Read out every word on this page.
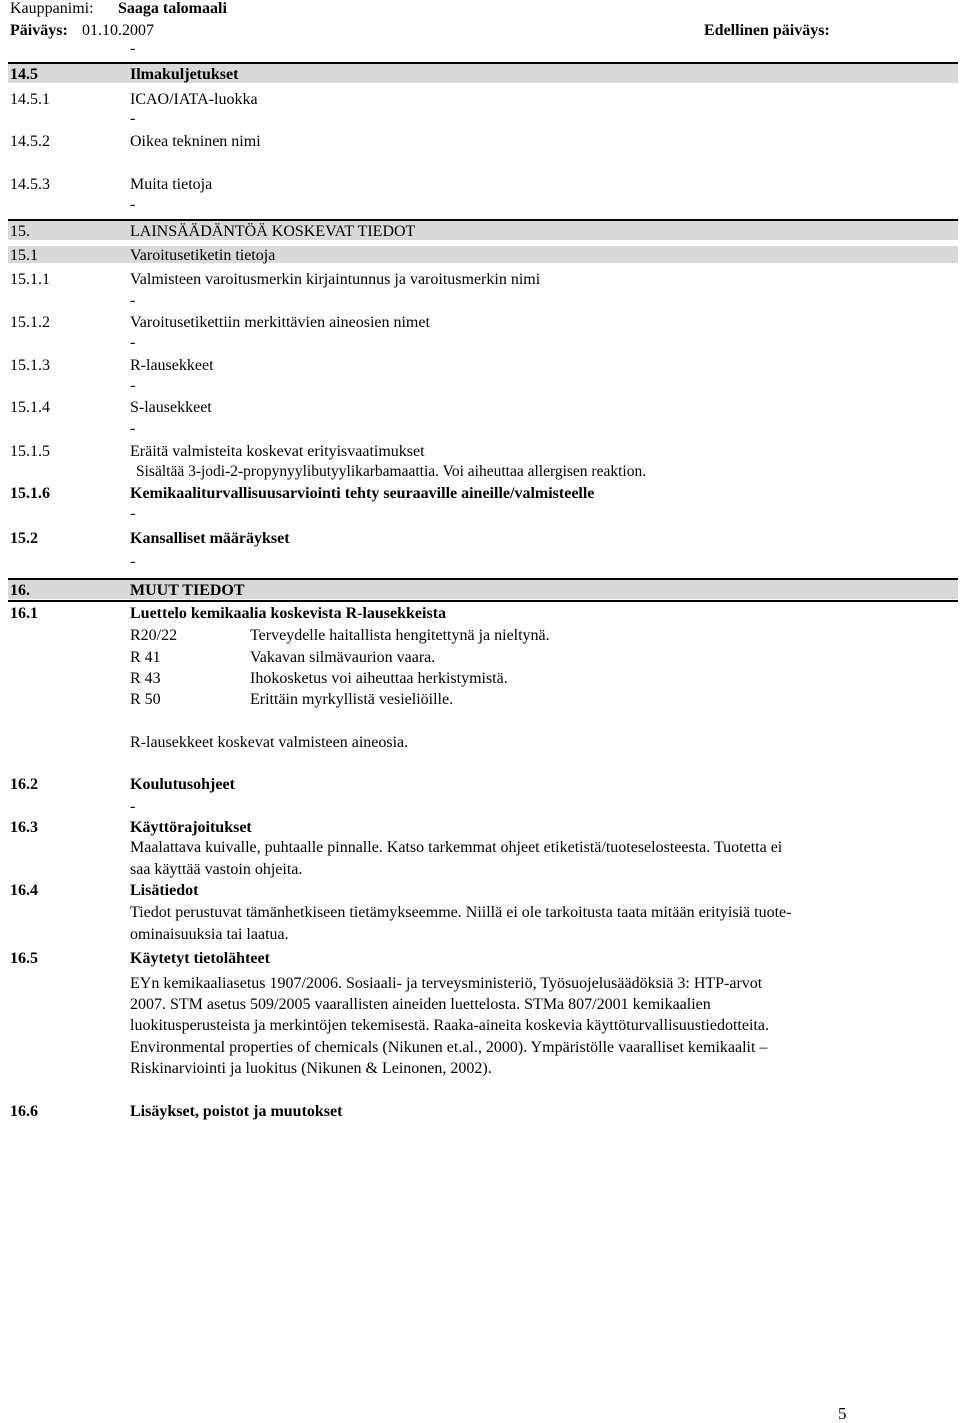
Kauppanimi: Saaga talomaali
Päiväys: 01.10.2007	Edellinen päiväys:
-
14.5	Ilmakuljetukset
14.5.1	ICAO/IATA-luokka
-
14.5.2	Oikea tekninen nimi
14.5.3	Muita tietoja
-
15.	LAINSÄÄDÄNTÖÄ KOSKEVAT TIEDOT
15.1	Varoitusetiketin tietoja
15.1.1	Valmisteen varoitusmerkin kirjaintunnus ja varoitusmerkin nimi
-
15.1.2	Varoitusetikettiin merkittävien aineosien nimet
-
15.1.3	R-lausekkeet
-
15.1.4	S-lausekkeet
-
15.1.5	Eräitä valmisteita koskevat erityisvaatimukset
Sisältää 3-jodi-2-propynyylibutyylikarbamaattia. Voi aiheuttaa allergisen reaktion.
15.1.6	Kemikaaliturvallisuusarviointi tehty seuraaville aineille/valmisteelle
-
15.2	Kansalliset määräykset
-
16.	MUUT TIEDOT
16.1	Luettelo kemikaalia koskevista R-lausekkeista
R20/22	Terveydelle haitallista hengitettynä ja nieltynä.
R 41	Vakavan silmävaurion vaara.
R 43	Ihokosketus voi aiheuttaa herkistymistä.
R 50	Erittäin myrkyllistä vesieliöille.
R-lausekkeet koskevat valmisteen aineosia.
16.2	Koulutusohjeet
-
16.3	Käyttörajoitukset
Maalattava kuivalle, puhtaalle pinnalle. Katso tarkemmat ohjeet etiketistä/tuoteselosteesta. Tuotetta ei
saa käyttää vastoin ohjeita.
16.4	Lisätiedot
Tiedot perustuvat tämänhetkiseen tietämykseemme. Niillä ei ole tarkoitusta taata mitään erityisiä tuote-
ominaisuuksia tai laatua.
16.5	Käytetyt tietolähteet
EYn kemikaaliasetus 1907/2006. Sosiaali- ja terveysministeriö, Työsuojelusäädöksiä 3: HTP-arvot
2007. STM asetus 509/2005 vaarallisten aineiden luettelosta. STMa 807/2001 kemikaalien
luokitusperusteista ja merkintöjen tekemisestä. Raaka-aineita koskevia käyttöturvallisuustiedotteita.
Environmental properties of chemicals (Nikunen et.al., 2000). Ympäristölle vaaralliset kemikaalit –
Riskinarviointi ja luokitus (Nikunen & Leinonen, 2002).
16.6	Lisäykset, poistot ja muutokset
5
